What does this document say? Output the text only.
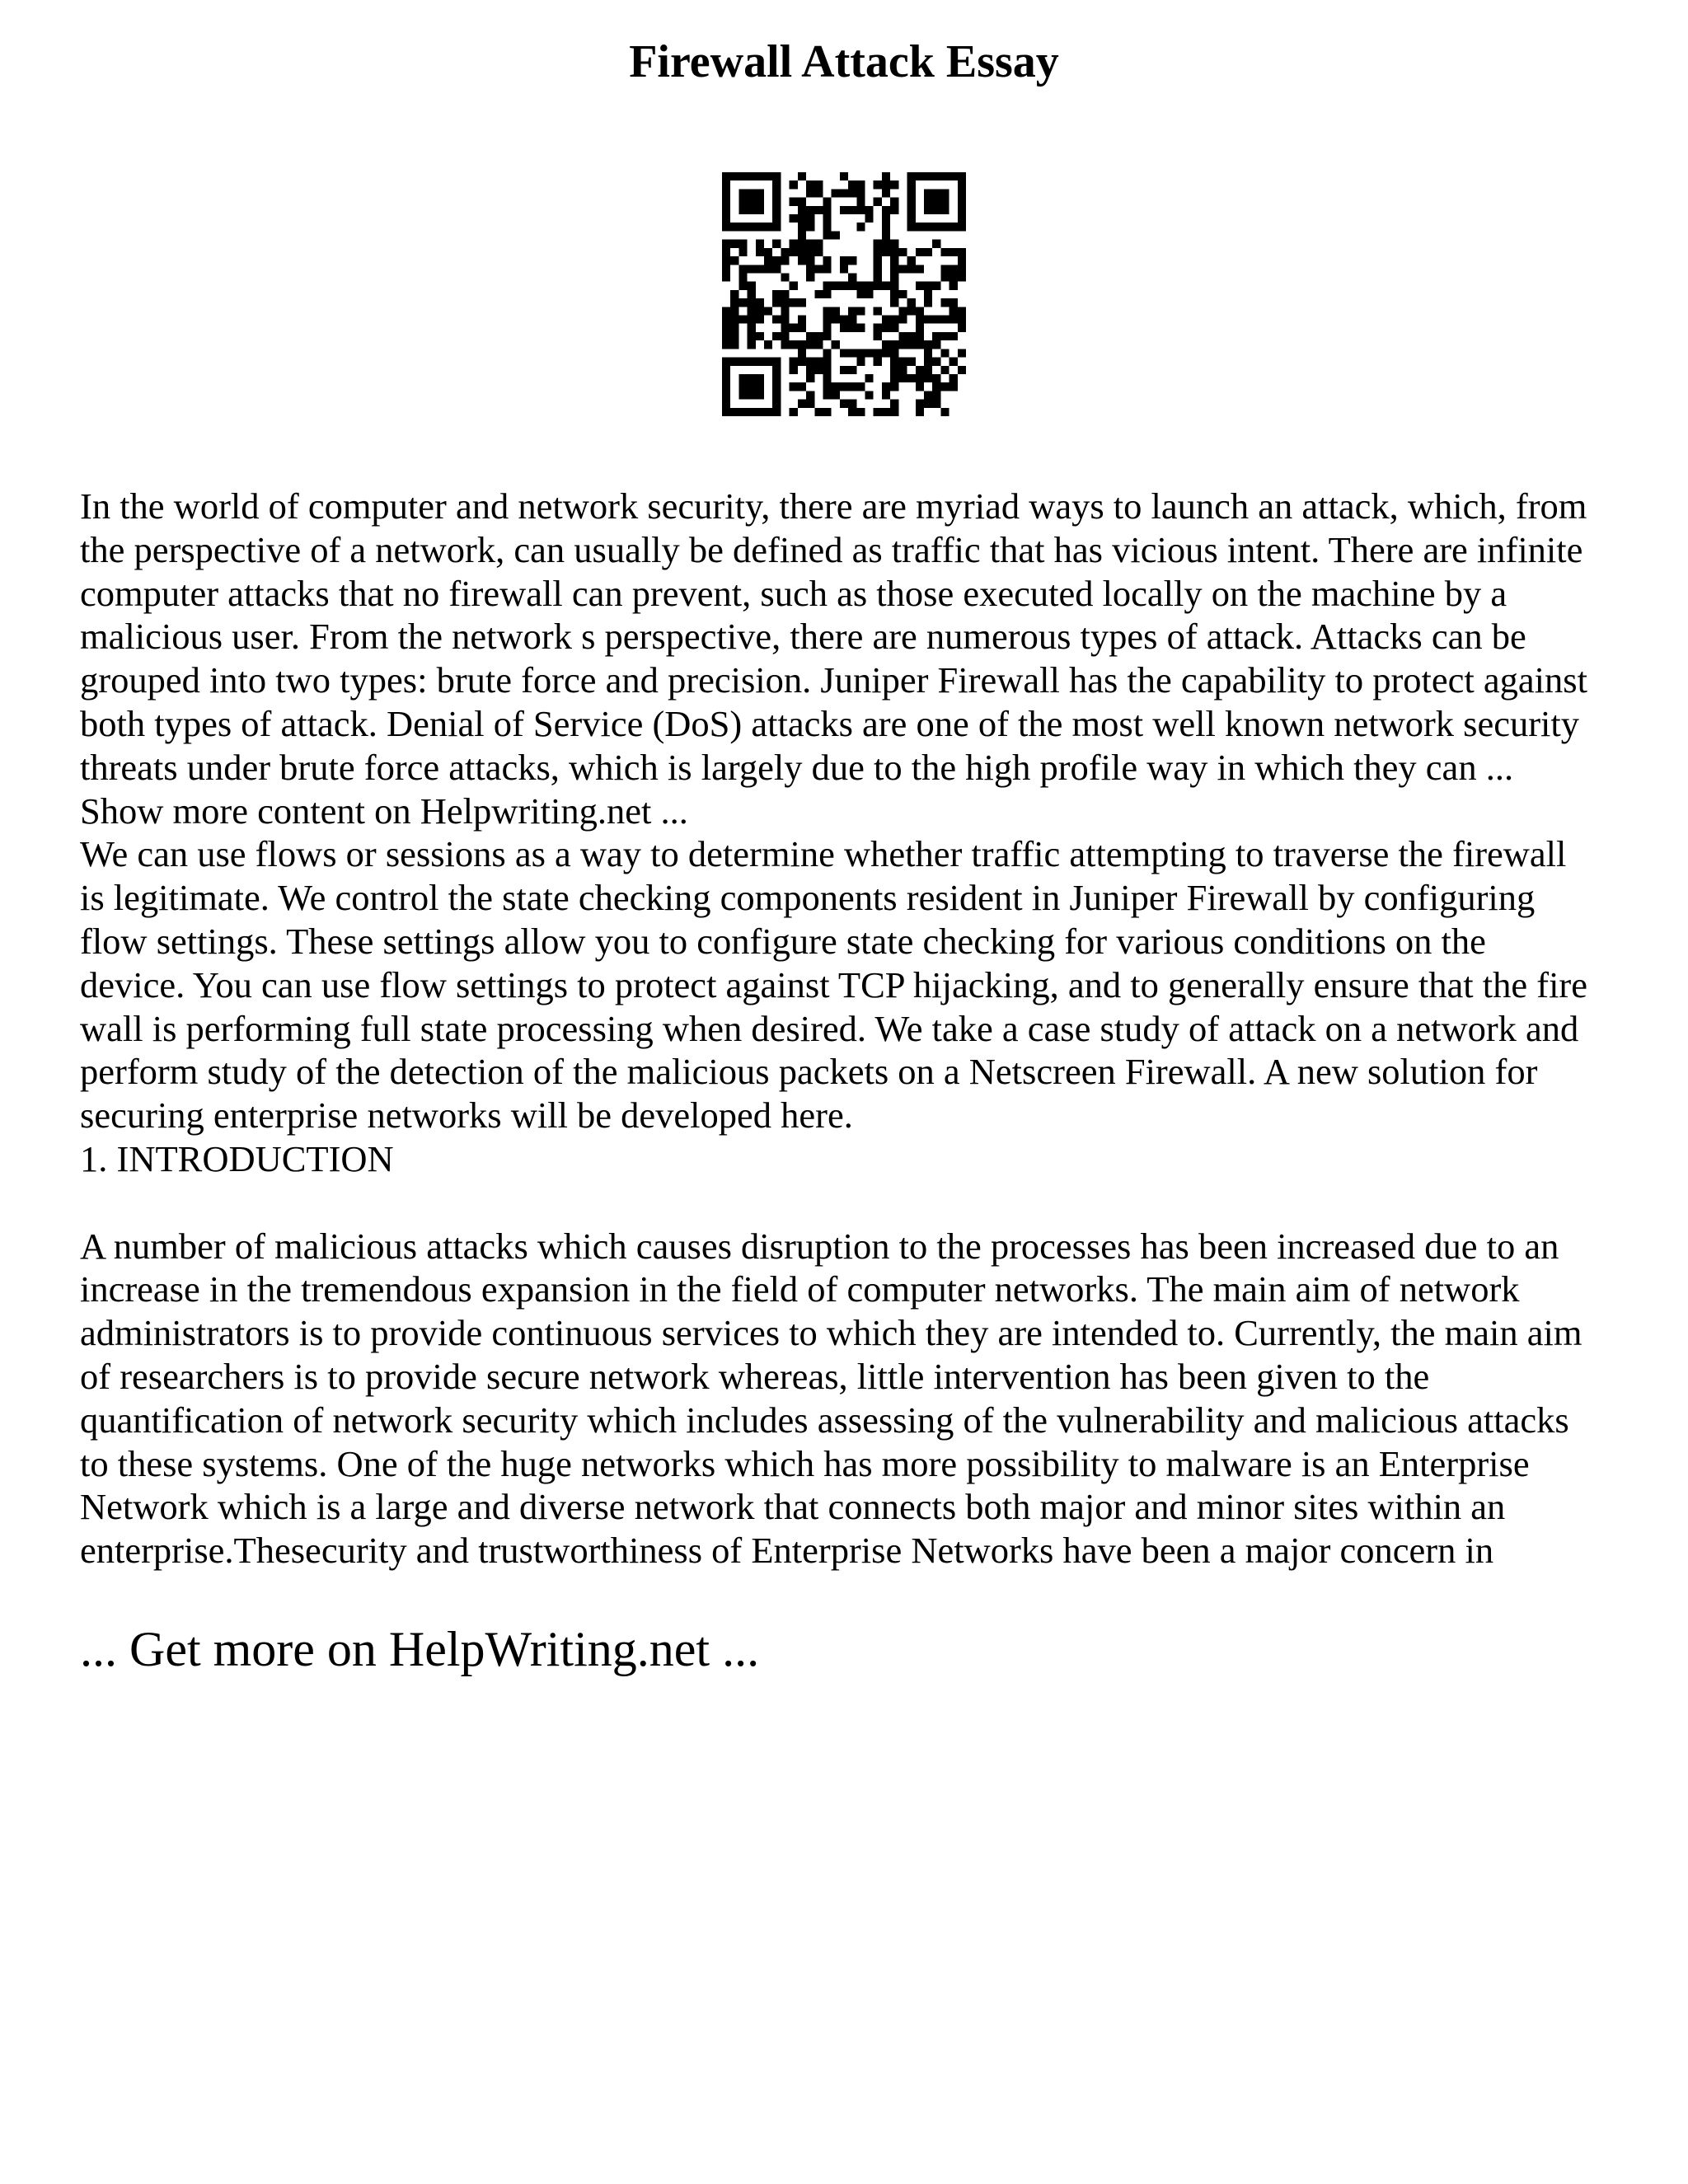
Firewall Attack Essay
In the world of computer and network security, there are myriad ways to launch an attack, which, from
the perspective of a network, can usually be defined as traffic that has vicious intent. There are infinite
computer attacks that no firewall can prevent, such as those executed locally on the machine by a
malicious user. From the network s perspective, there are numerous types of attack. Attacks can be
grouped into two types: brute force and precision. Juniper Firewall has the capability to protect against
both types of attack. Denial of Service (DoS) attacks are one of the most well known network security
threats under brute force attacks, which is largely due to the high profile way in which they can ...
Show more content on Helpwriting.net ...
We can use flows or sessions as a way to determine whether traffic attempting to traverse the firewall
is legitimate. We control the state checking components resident in Juniper Firewall by configuring
flow settings. These settings allow you to configure state checking for various conditions on the
device. You can use flow settings to protect against TCP hijacking, and to generally ensure that the fire
wall is performing full state processing when desired. We take a case study of attack on a network and
perform study of the detection of the malicious packets on a Netscreen Firewall. A new solution for
securing enterprise networks will be developed here.
1. INTRODUCTION
A number of malicious attacks which causes disruption to the processes has been increased due to an
increase in the tremendous expansion in the field of computer networks. The main aim of network
administrators is to provide continuous services to which they are intended to. Currently, the main aim
of researchers is to provide secure network whereas, little intervention has been given to the
quantification of network security which includes assessing of the vulnerability and malicious attacks
to these systems. One of the huge networks which has more possibility to malware is an Enterprise
Network which is a large and diverse network that connects both major and minor sites within an
enterprise.Thesecurity and trustworthiness of Enterprise Networks have been a major concern in
... Get more on HelpWriting.net ...
